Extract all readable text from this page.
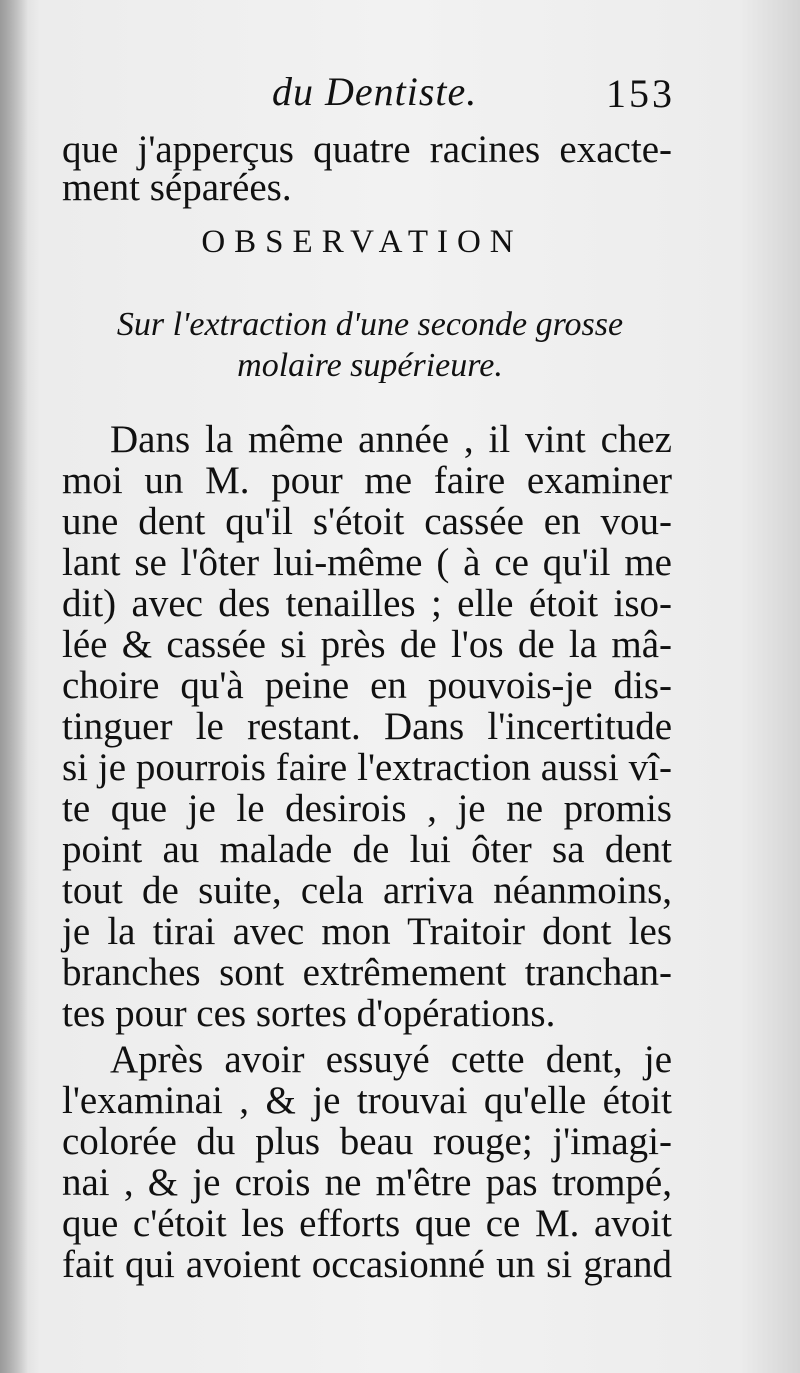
du Dentiste.	153
que j'apperçus quatre racines exacte-
ment séparées.
OBSERVATION
Sur l'extraction d'une seconde grosse
molaire supérieure.
Dans la même année , il vint chez
moi un M. pour me faire examiner
une dent qu'il s'étoit cassée en vou-
lant se l'ôter lui-même ( à ce qu'il me
dit) avec des tenailles ; elle étoit iso-
lée & cassée si près de l'os de la mâ-
choire qu'à peine en pouvois-je dis-
tinguer le restant. Dans l'incertitude
si je pourrois faire l'extraction aussi vî-
te que je le desirois , je ne promis
point au malade de lui ôter sa dent
tout de suite, cela arriva néanmoins,
je la tirai avec mon Traitoir dont les
branches sont extrêmement tranchan-
tes pour ces sortes d'opérations.
Après avoir essuyé cette dent, je
l'examinai , & je trouvai qu'elle étoit
colorée du plus beau rouge; j'imagi-
nai , & je crois ne m'être pas trompé,
que c'étoit les efforts que ce M. avoit
fait qui avoient occasionné un si grand
